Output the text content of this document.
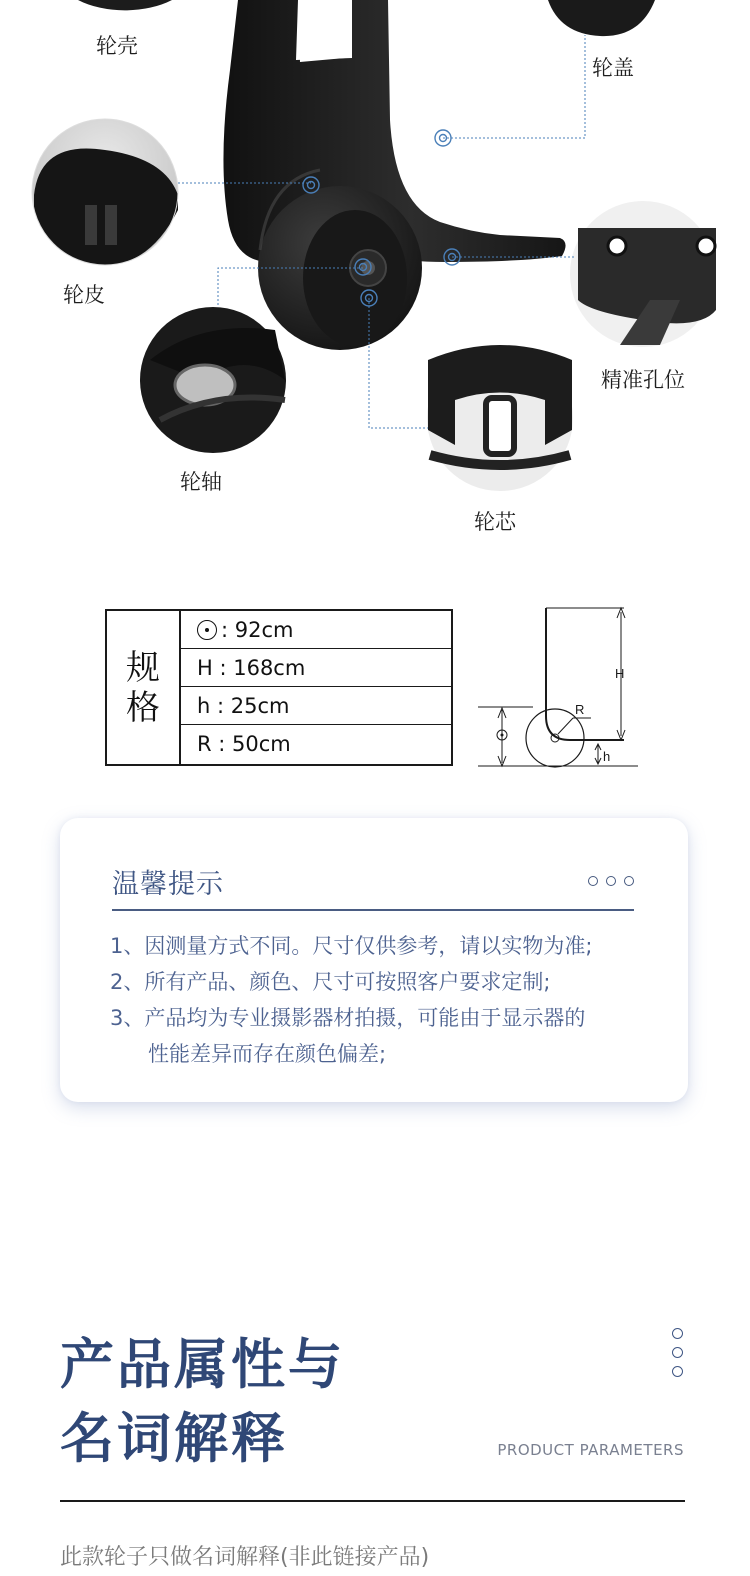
轮壳
轮盖
轮皮
精准孔位
轮轴
轮芯
规
格
: 92cm
H : 168cm
h : 25cm
R : 50cm
H
R
h
温馨提示
1、因测量方式不同。尺寸仅供参考，请以实物为准;
2、所有产品、颜色、尺寸可按照客户要求定制;
3、产品均为专业摄影器材拍摄，可能由于显示器的
性能差异而存在颜色偏差;
产品属性与
名词解释	PRODUCT PARAMETERS
此款轮子只做名词解释(非此链接产品)
